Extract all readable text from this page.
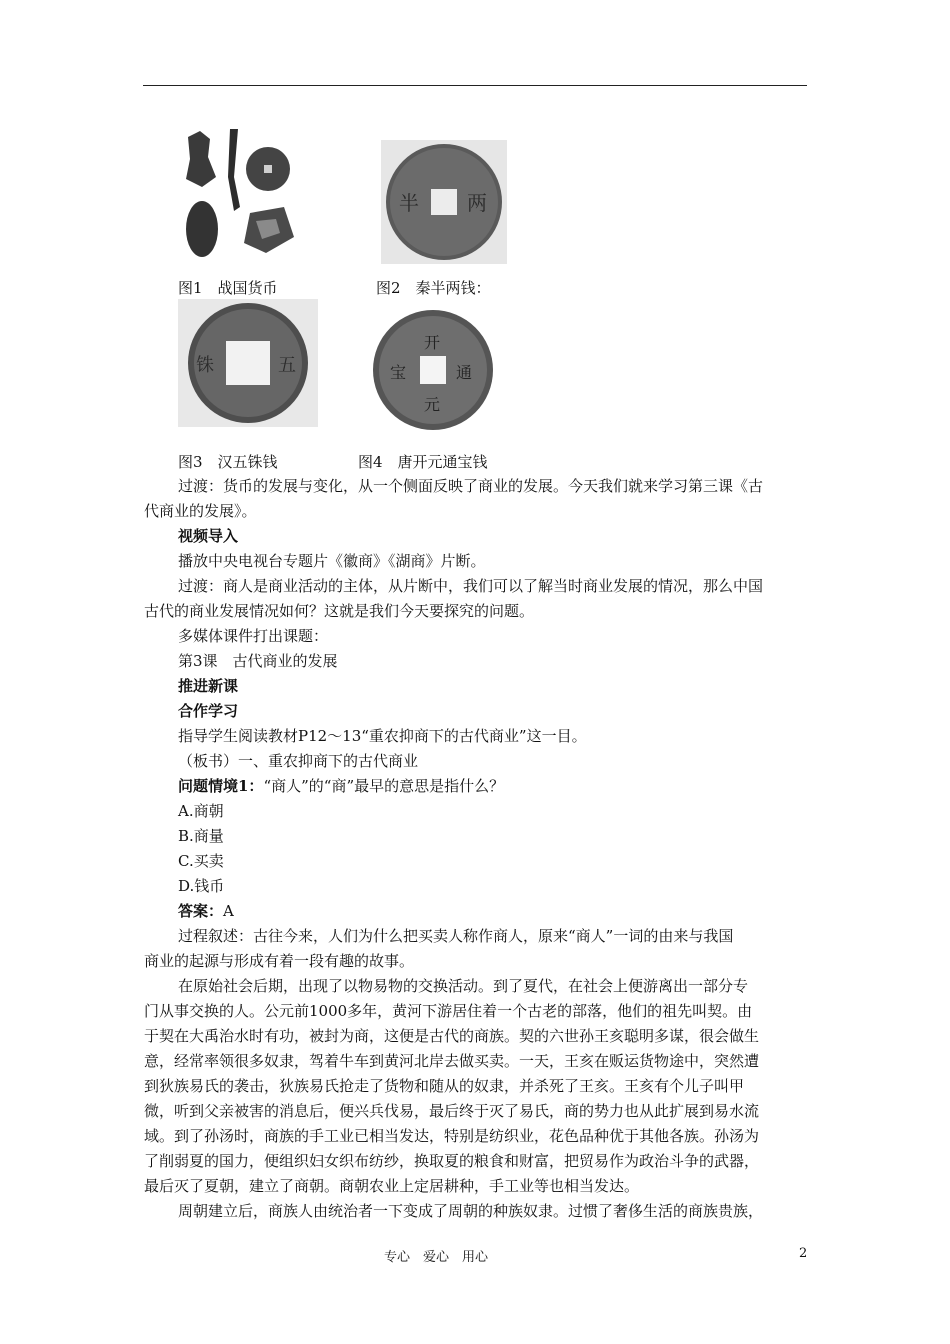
半 两
图1　战国货币	图2　秦半两钱：
铢	五
开
元
宝	通
图3　汉五铢钱	图4　唐开元通宝钱
过渡：货币的发展与变化，从一个侧面反映了商业的发展。今天我们就来学习第三课《古
代商业的发展》。
视频导入
播放中央电视台专题片《徽商》《湖商》片断。
过渡：商人是商业活动的主体，从片断中，我们可以了解当时商业发展的情况，那么中国
古代的商业发展情况如何？这就是我们今天要探究的问题。
多媒体课件打出课题：
第3课　古代商业的发展
推进新课
合作学习
指导学生阅读教材P12～13“重农抑商下的古代商业”这一目。
（板书）一、重农抑商下的古代商业
问题情境1：“商人”的“商”最早的意思是指什么？
A.商朝
B.商量
C.买卖
D.钱币
答案：A
过程叙述：古往今来，人们为什么把买卖人称作商人，原来“商人”一词的由来与我国
商业的起源与形成有着一段有趣的故事。
在原始社会后期，出现了以物易物的交换活动。到了夏代，在社会上便游离出一部分专
门从事交换的人。公元前1000多年，黄河下游居住着一个古老的部落，他们的祖先叫契。由
于契在大禹治水时有功，被封为商，这便是古代的商族。契的六世孙王亥聪明多谋，很会做生
意，经常率领很多奴隶，驾着牛车到黄河北岸去做买卖。一天，王亥在贩运货物途中，突然遭
到狄族易氏的袭击，狄族易氏抢走了货物和随从的奴隶，并杀死了王亥。王亥有个儿子叫甲
微，听到父亲被害的消息后，便兴兵伐易，最后终于灭了易氏，商的势力也从此扩展到易水流
域。到了孙汤时，商族的手工业已相当发达，特别是纺织业，花色品种优于其他各族。孙汤为
了削弱夏的国力，便组织妇女织布纺纱，换取夏的粮食和财富，把贸易作为政治斗争的武器，
最后灭了夏朝，建立了商朝。商朝农业上定居耕种，手工业等也相当发达。
周朝建立后，商族人由统治者一下变成了周朝的种族奴隶。过惯了奢侈生活的商族贵族，
专心　爱心　用心	2
